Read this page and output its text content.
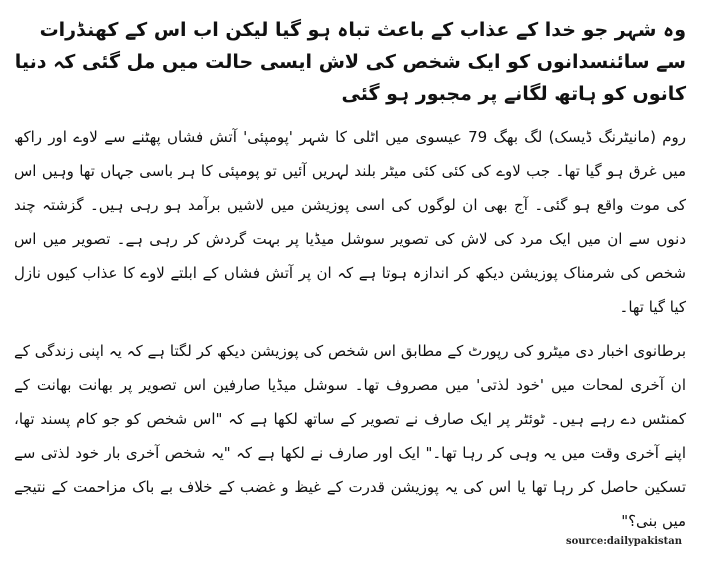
وہ شہر جو خدا کے عذاب کے باعث تباہ ہو گیا لیکن اب اس کے کھنڈرات سے سائنسدانوں کو ایک شخص کی لاش ایسی حالت میں مل گئی کہ دنیا کانوں کو ہاتھ لگانے پر مجبور ہو گئی
روم (مانیٹرنگ ڈیسک) لگ بھگ 79 عیسوی میں اٹلی کا شہر 'پومپئی' آتش فشاں پھٹنے سے لاوے اور راکھ میں غرق ہو گیا تھا۔ جب لاوے کی کئی کئی میٹر بلند لہریں آئیں تو پومپئی کا ہر باسی جہاں تھا وہیں اس کی موت واقع ہو گئی۔ آج بھی ان لوگوں کی اسی پوزیشن میں لاشیں برآمد ہو رہی ہیں۔ گزشتہ چند دنوں سے ان میں ایک مرد کی لاش کی تصویر سوشل میڈیا پر بہت گردش کر رہی ہے۔ تصویر میں اس شخص کی شرمناک پوزیشن دیکھ کر اندازہ ہوتا ہے کہ ان پر آتش فشاں کے ابلتے لاوے کا عذاب کیوں نازل کیا گیا تھا۔
برطانوی اخبار دی میٹرو کی رپورٹ کے مطابق اس شخص کی پوزیشن دیکھ کر لگتا ہے کہ یہ اپنی زندگی کے ان آخری لمحات میں 'خود لذتی' میں مصروف تھا۔ سوشل میڈیا صارفین اس تصویر پر بھانت بھانت کے کمنٹس دے رہے ہیں۔ ٹوئٹر پر ایک صارف نے تصویر کے ساتھ لکھا ہے کہ "اس شخص کو جو کام پسند تھا، اپنے آخری وقت میں یہ وہی کر رہا تھا۔" ایک اور صارف نے لکھا ہے کہ "یہ شخص آخری بار خود لذتی سے تسکین حاصل کر رہا تھا یا اس کی یہ پوزیشن قدرت کے غیظ و غضب کے خلاف بے باک مزاحمت کے نتیجے میں بنی؟"
source:dailypakistan
